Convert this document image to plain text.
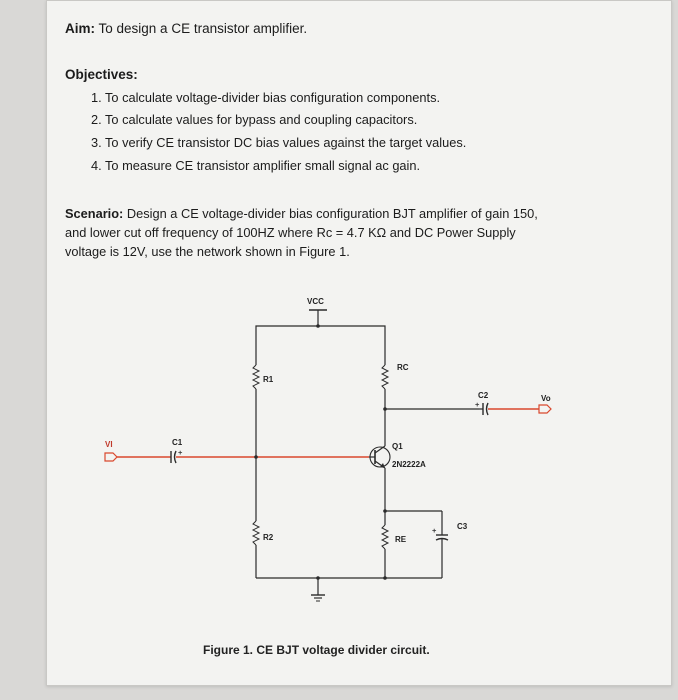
Aim: To design a CE transistor amplifier.
Objectives:
1. To calculate voltage-divider bias configuration components.
2. To calculate values for bypass and coupling capacitors.
3. To verify CE transistor DC bias values against the target values.
4. To measure CE transistor amplifier small signal ac gain.
Scenario: Design a CE voltage-divider bias configuration BJT amplifier of gain 150,
and lower cut off frequency of 100HZ where Rc = 4.7 KΩ and DC Power Supply
voltage is 12V, use the network shown in Figure 1.
VCC
R1
R2
RC
+
C2	Vo
VI
+
C1	Q1
2N2222A
RE
+	C3
Figure 1. CE BJT voltage divider circuit.
